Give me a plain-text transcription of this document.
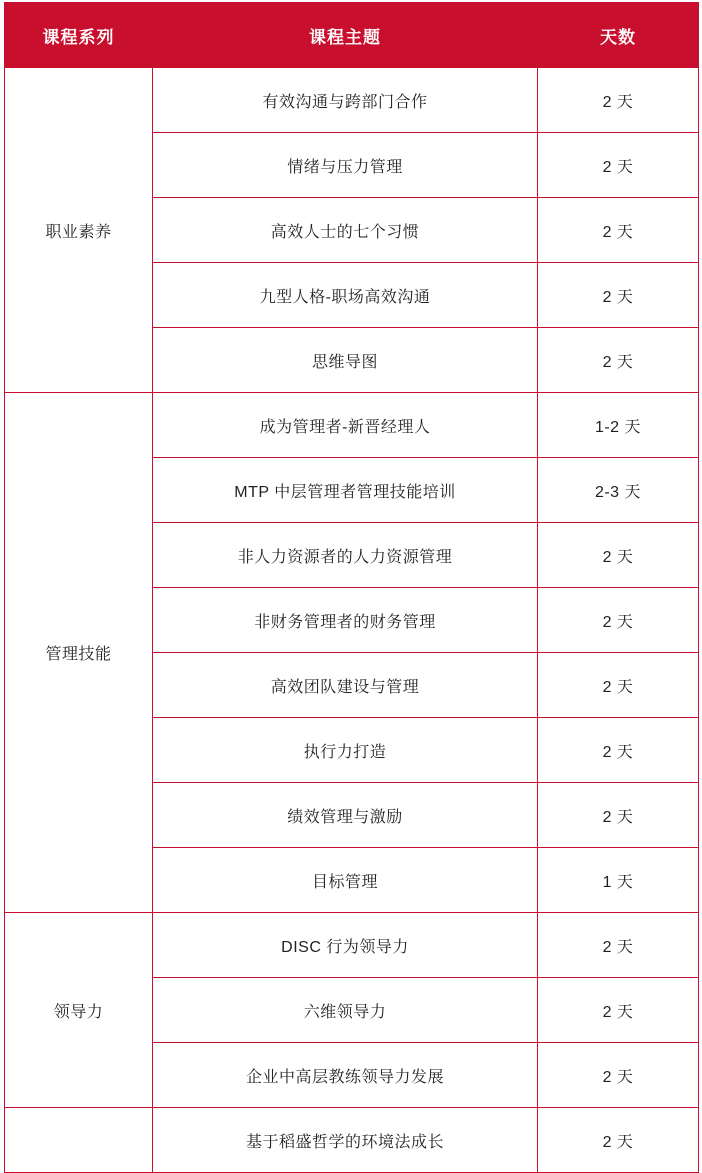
课程系列	课程主题	天数
职业素养	有效沟通与跨部门合作	2 天
	情绪与压力管理	2 天
	高效人士的七个习惯	2 天
	九型人格-职场高效沟通	2 天
	思维导图	2 天
管理技能	成为管理者-新晋经理人	1-2 天
	MTP 中层管理者管理技能培训	2-3 天
	非人力资源者的人力资源管理	2 天
	非财务管理者的财务管理	2 天
	高效团队建设与管理	2 天
	执行力打造	2 天
	绩效管理与激励	2 天
	目标管理	1 天
领导力	DISC 行为领导力	2 天
	六维领导力	2 天
	企业中高层教练领导力发展	2 天
	基于稻盛哲学的环境法成长	2 天
